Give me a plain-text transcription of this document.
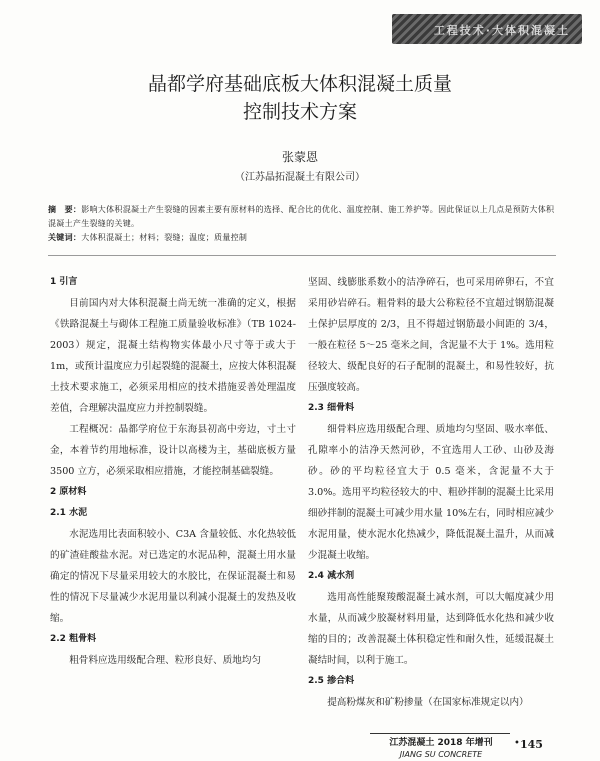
工程技术·大体积混凝土
晶都学府基础底板大体积混凝土质量
控制技术方案
张蒙恩
（江苏晶拓混凝土有限公司）
摘　要：影响大体积混凝土产生裂缝的因素主要有原材料的选择、配合比的优化、温度控制、施工养护等。因此保证以上几点是预防大体积混凝土产生裂缝的关键。
关键词：大体积混凝土；材料；裂缝；温度；质量控制
1 引言

目前国内对大体积混凝土尚无统一准确的定义，根据《铁路混凝土与砌体工程施工质量验收标准》（TB 1024-2003）规定，混凝土结构物实体最小尺寸等于或大于 1m，或预计温度应力引起裂缝的混凝土，应按大体积混凝土技术要求施工，必须采用相应的技术措施妥善处理温度差值，合理解决温度应力并控制裂缝。

工程概况：晶都学府位于东海县初高中旁边，寸土寸金，本着节约用地标准，设计以高楼为主，基础底板方量 3500 立方，必须采取相应措施，才能控制基础裂缝。

2 原材料
2.1 水泥

水泥选用比表面积较小、C3A 含量较低、水化热较低的矿渣硅酸盐水泥。对已选定的水泥品种，混凝土用水量确定的情况下尽量采用较大的水胶比，在保证混凝土和易性的情况下尽量减少水泥用量以利减小混凝土的发热及收缩。

2.2 粗骨料

粗骨料应选用级配合理、粒形良好、质地均匀

坚固、线膨胀系数小的洁净碎石，也可采用碎卵石，不宜采用砂岩碎石。粗骨料的最大公称粒径不宜超过钢筋混凝土保护层厚度的 2/3，且不得超过钢筋最小间距的 3/4，一般在粒径 5～25 毫米之间，含泥量不大于 1%。选用粒径较大、级配良好的石子配制的混凝土，和易性较好，抗压强度较高。

2.3 细骨料

细骨料应选用级配合理、质地均匀坚固、吸水率低、孔隙率小的洁净天然河砂，不宜选用人工砂、山砂及海砂。砂的平均粒径宜大于 0.5 毫米，含泥量不大于 3.0%。选用平均粒径较大的中、粗砂拌制的混凝土比采用细砂拌制的混凝土可减少用水量 10%左右，同时相应减少水泥用量，使水泥水化热减少，降低混凝土温升，从而减少混凝土收缩。

2.4 减水剂

选用高性能聚羧酸混凝土减水剂，可以大幅度减少用水量，从而减少胶凝材料用量，达到降低水化热和减少收缩的目的；改善混凝土体积稳定性和耐久性，延缓混凝土凝结时间，以利于施工。

2.5 掺合料

提高粉煤灰和矿粉掺量（在国家标准规定以内）

江苏混凝土 2018 年增刊
JIANG SU CONCRETE
• 145
